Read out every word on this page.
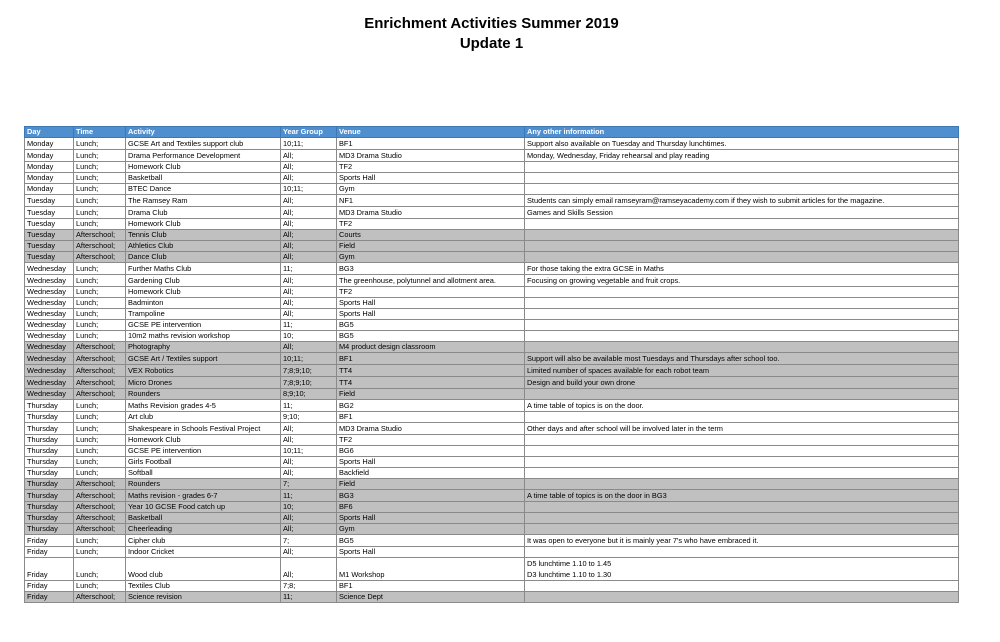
Enrichment Activities Summer 2019
Update 1
Day	Time	Activity	Year Group	Venue	Any other information
Monday	Lunch;	GCSE Art and Textiles support club	10;11;	BF1	Support also available on Tuesday and Thursday lunchtimes.
Monday	Lunch;	Drama Performance Development	All;	MD3 Drama Studio	Monday, Wednesday, Friday rehearsal and play reading
Monday	Lunch;	Homework Club	All;	TF2	
Monday	Lunch;	Basketball	All;	Sports Hall	
Monday	Lunch;	BTEC Dance	10;11;	Gym	
Tuesday	Lunch;	The Ramsey Ram	All;	NF1	Students can simply email ramseyram@ramseyacademy.com if they wish to submit articles for the magazine.
Tuesday	Lunch;	Drama Club	All;	MD3 Drama Studio	Games and Skills Session
Tuesday	Lunch;	Homework Club	All;	TF2	
Tuesday	Afterschool;	Tennis Club	All;	Courts	
Tuesday	Afterschool;	Athletics Club	All;	Field	
Tuesday	Afterschool;	Dance Club	All;	Gym	
Wednesday	Lunch;	Further Maths Club	11;	BG3	For those taking the extra GCSE in Maths
Wednesday	Lunch;	Gardening Club	All;	The greenhouse, polytunnel and allotment area.	Focusing on growing vegetable and fruit crops.
Wednesday	Lunch;	Homework Club	All;	TF2	
Wednesday	Lunch;	Badminton	All;	Sports Hall	
Wednesday	Lunch;	Trampoline	All;	Sports Hall	
Wednesday	Lunch;	GCSE PE intervention	11;	BG5	
Wednesday	Lunch;	10m2 maths revision workshop	10;	BG5	
Wednesday	Afterschool;	Photography	All;	M4 product design classroom	
Wednesday	Afterschool;	GCSE Art / Textiles support	10;11;	BF1	Support will also be available most Tuesdays and Thursdays after school too.
Wednesday	Afterschool;	VEX Robotics	7;8;9;10;	TT4	Limited number of spaces available for each robot team
Wednesday	Afterschool;	Micro Drones	7;8;9;10;	TT4	Design and build your own drone
Wednesday	Afterschool;	Rounders	8;9;10;	Field	
Thursday	Lunch;	Maths Revision grades 4-5	11;	BG2	A time table of topics is on the door.
Thursday	Lunch;	Art club	9;10;	BF1	
Thursday	Lunch;	Shakespeare in Schools Festival Project	All;	MD3 Drama Studio	Other days and after school will be involved later in the term
Thursday	Lunch;	Homework Club	All;	TF2	
Thursday	Lunch;	GCSE PE intervention	10;11;	BG6	
Thursday	Lunch;	Girls Football	All;	Sports Hall	
Thursday	Lunch;	Softball	All;	Backfield	
Thursday	Afterschool;	Rounders	7;	Field	
Thursday	Afterschool;	Maths revision - grades 6-7	11;	BG3	A time table of topics is on the door in BG3
Thursday	Afterschool;	Year 10 GCSE Food catch up	10;	BF6	
Thursday	Afterschool;	Basketball	All;	Sports Hall	
Thursday	Afterschool;	Cheerleading	All;	Gym	
Friday	Lunch;	Cipher club	7;	BG5	It was open to everyone but it is mainly year 7's who have embraced it.
Friday	Lunch;	Indoor Cricket	All;	Sports Hall	
Friday	Lunch;	Wood club	All;	M1 Workshop	D5 lunchtime 1.10 to 1.45
D3 lunchtime 1.10 to 1.30
Friday	Lunch;	Textiles Club	7;8;	BF1	
Friday	Afterschool;	Science revision	11;	Science Dept	
